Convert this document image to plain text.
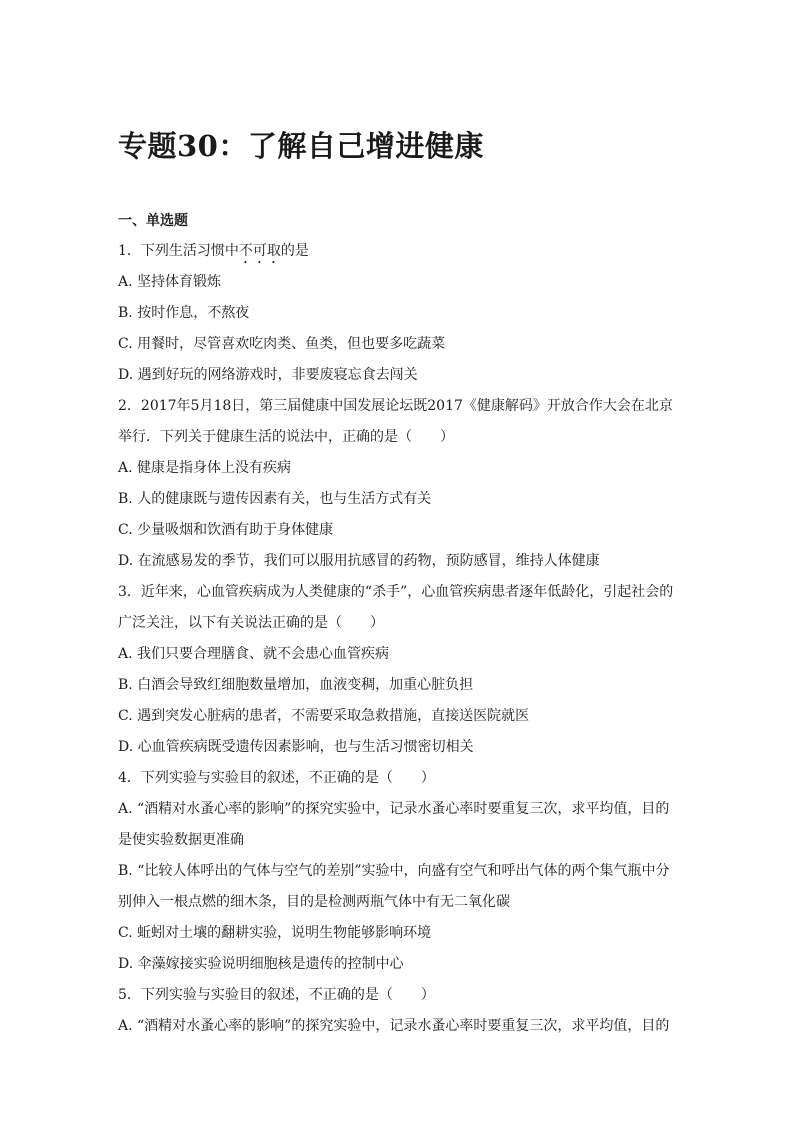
专题30：了解自己增进健康
一、单选题
1．下列生活习惯中不可取的是
A. 坚持体育锻炼
B. 按时作息，不熬夜
C. 用餐时，尽管喜欢吃肉类、鱼类，但也要多吃蔬菜
D. 遇到好玩的网络游戏时，非要废寝忘食去闯关
2．2017年5月18日，第三届健康中国发展论坛既2017《健康解码》开放合作大会在北京
举行．下列关于健康生活的说法中，正确的是（　　）
A. 健康是指身体上没有疾病
B. 人的健康既与遗传因素有关，也与生活方式有关
C. 少量吸烟和饮酒有助于身体健康
D. 在流感易发的季节，我们可以服用抗感冒的药物，预防感冒，维持人体健康
3．近年来，心血管疾病成为人类健康的“杀手”，心血管疾病患者逐年低龄化，引起社会的
广泛关注，以下有关说法正确的是（　　）
A. 我们只要合理膳食、就不会患心血管疾病
B. 白酒会导致红细胞数量增加，血液变稠，加重心脏负担
C. 遇到突发心脏病的患者，不需要采取急救措施，直接送医院就医
D. 心血管疾病既受遗传因素影响，也与生活习惯密切相关
4．下列实验与实验目的叙述，不正确的是（　　）
A. “酒精对水蚤心率的影响”的探究实验中，记录水蚤心率时要重复三次，求平均值，目的
是使实验数据更准确
B. “比较人体呼出的气体与空气的差别”实验中，向盛有空气和呼出气体的两个集气瓶中分
别伸入一根点燃的细木条，目的是检测两瓶气体中有无二氧化碳
C. 蚯蚓对土壤的翻耕实验，说明生物能够影响环境
D. 伞藻嫁接实验说明细胞核是遗传的控制中心
5．下列实验与实验目的叙述，不正确的是（　　）
A. “酒精对水蚤心率的影响”的探究实验中，记录水蚤心率时要重复三次，求平均值，目的
